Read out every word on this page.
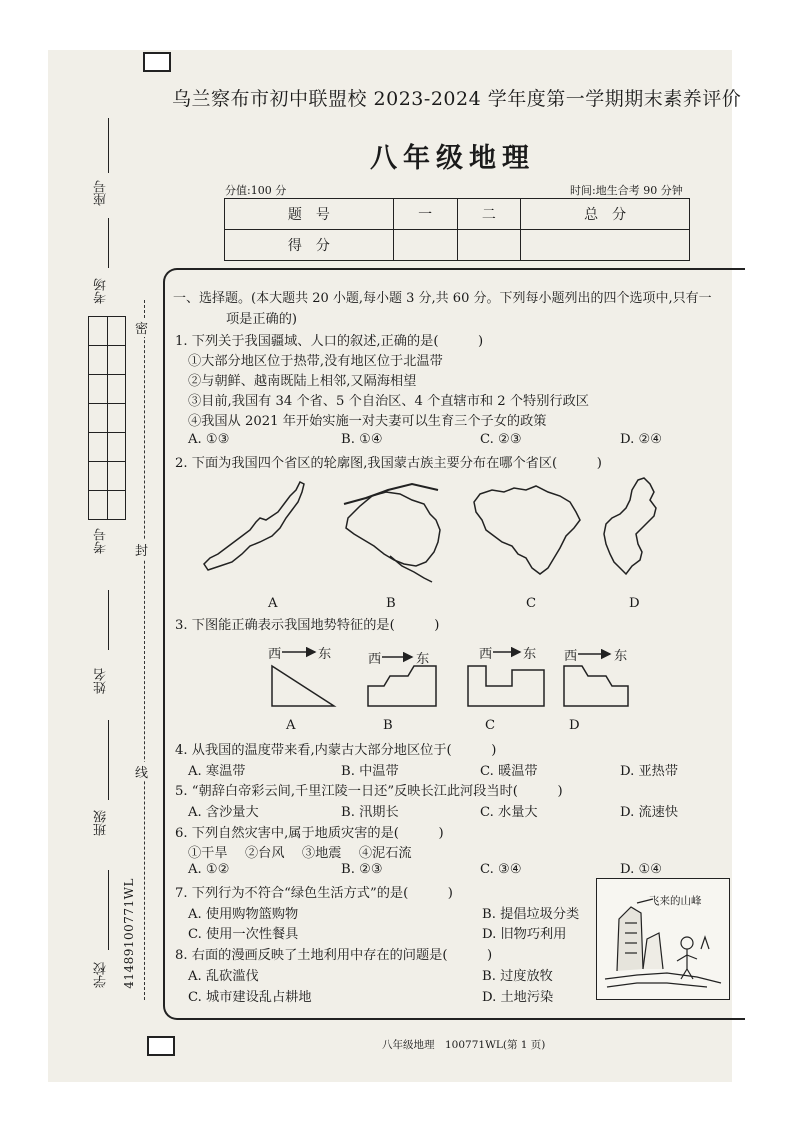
乌兰察布市初中联盟校 2023-2024 学年度第一学期期末素养评价
八年级地理
分值:100 分	时间:地生合考 90 分钟
题　号	一	二	总　分
得　分			
座号
考场
考号
姓名
班级
学校 4148910077​1WL
密
封
线
一、选择题。(本大题共 20 小题,每小题 3 分,共 60 分。下列每小题列出的四个选项中,只有一
项是正确的)
1. 下列关于我国疆域、人口的叙述,正确的是(　　　)
①大部分地区位于热带,没有地区位于北温带
②与朝鲜、越南既陆上相邻,又隔海相望
③目前,我国有 34 个省、5 个自治区、4 个直辖市和 2 个特别行政区
④我国从 2021 年开始实施一对夫妻可以生育三个子女的政策
A. ①③	B. ①④	C. ②③	D. ②④
2. 下面为我国四个省区的轮廓图,我国蒙古族主要分布在哪个省区(　　　)
A	B	C	D
3. 下图能正确表示我国地势特征的是(　　　)
西	东	西	东	西 东 西	东
A	B	C	D
4. 从我国的温度带来看,内蒙古大部分地区位于(　　　)
A. 寒温带	B. 中温带	C. 暖温带	D. 亚热带
5. “朝辞白帝彩云间,千里江陵一日还”反映长江此河段当时(　　　)
A. 含沙量大	B. 汛期长	C. 水量大	D. 流速快
6. 下列自然灾害中,属于地质灾害的是(　　　)
①干旱　 ②台风　 ③地震　 ④泥石流
A. ①②	B. ②③	C. ③④	D. ①④
7. 下列行为不符合“绿色生活方式”的是(　　　)
A. 使用购物篮购物	B. 提倡垃圾分类
C. 使用一次性餐具	D. 旧物巧利用
8. 右面的漫画反映了土地利用中存在的问题是(　　　)
A. 乱砍滥伐	B. 过度放牧
C. 城市建设乱占耕地	D. 土地污染
飞来的山峰
八年级地理　100771WL(第 1 页)
